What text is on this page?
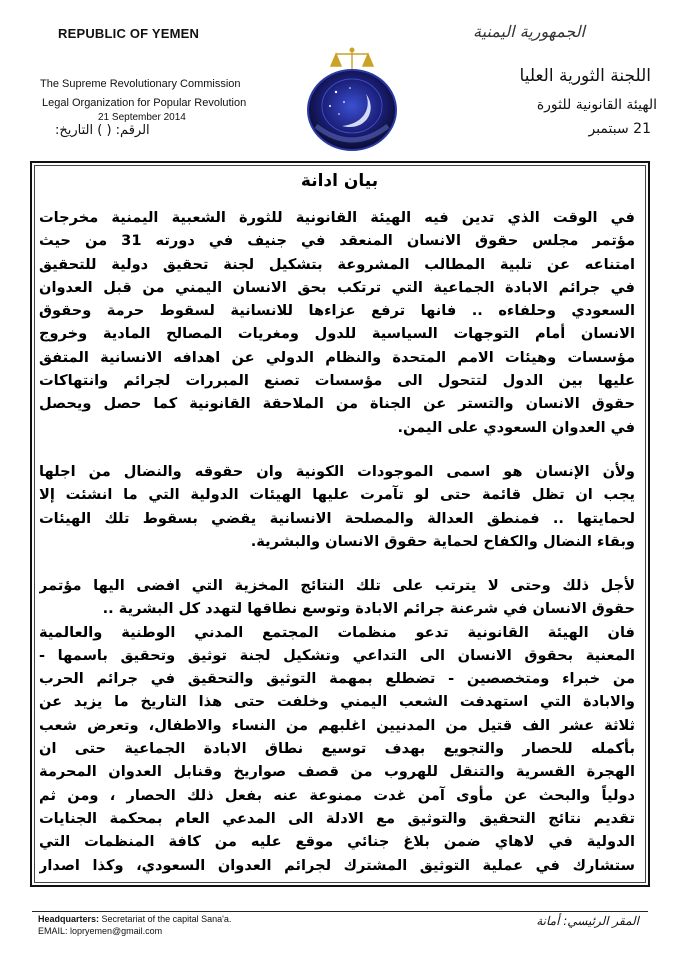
REPUBLIC OF YEMEN
The Supreme Revolutionary Commission
Legal Organization for Popular Revolution
21 September 2014
الجمهورية اليمنية
اللجنة الثورية العليا
الهيئة القانونية للثورة
21 سبتمبر
الرقم: ( ) التاريخ:
بيان ادانة
في الوقت الذي تدين فيه الهيئة القانونية للثورة الشعبية اليمنية مخرجات
مؤتمر مجلس حقوق الانسان المنعقد في جنيف في دورته 31 من حيث
امتناعه عن تلبية المطالب المشروعة بتشكيل لجنة تحقيق دولية للتحقيق
في جرائم الابادة الجماعية التي ترتكب بحق الانسان اليمني من قبل العدوان
السعودي وحلفاءه .. فانها ترفع عزاءها للانسانية لسقوط حرمة وحقوق
الانسان أمام التوجهات السياسية للدول ومغريات المصالح المادية وخروج
مؤسسات وهيئات الامم المتحدة والنظام الدولي عن اهدافه الانسانية المتفق
عليها بين الدول لتتحول الى مؤسسات تصنع المبررات لجرائم وانتهاكات
حقوق الانسان والتستر عن الجناة من الملاحقة القانونية كما حصل ويحصل
في العدوان السعودي على اليمن.
ولأن الإنسان هو اسمى الموجودات الكونية وان حقوقه والنضال من اجلها
يجب ان تظل قائمة حتى لو تآمرت عليها الهيئات الدولية التي ما انشئت إلا
لحمايتها .. فمنطق العدالة والمصلحة الانسانية يقضي بسقوط تلك الهيئات
وبقاء النضال والكفاح لحماية حقوق الانسان والبشرية.
لأجل ذلك وحتى لا يترتب على تلك النتائج المخزية التي افضى اليها مؤتمر
حقوق الانسان في شرعنة جرائم الابادة وتوسع نطاقها لتهدد كل البشرية ..
فان الهيئة القانونية تدعو منظمات المجتمع المدني الوطنية والعالمية
المعنية بحقوق الانسان الى التداعي وتشكيل لجنة توثيق وتحقيق باسمها -
من خبراء ومتخصصين - تضطلع بمهمة التوثيق والتحقيق في جرائم الحرب
والابادة التي استهدفت الشعب اليمني وخلفت حتى هذا التاريخ ما يزيد عن
ثلاثة عشر الف قتيل من المدنيين اغلبهم من النساء والاطفال، وتعرض شعب
بأكمله للحصار والتجويع بهدف توسيع نطاق الابادة الجماعية حتى ان
الهجرة القسرية والتنقل للهروب من قصف صواريخ وقنابل العدوان المحرمة
دولياً والبحث عن مأوى آمن غدت ممنوعة عنه بفعل ذلك الحصار ، ومن ثم
تقديم نتائج التحقيق والتوثيق مع الادلة الى المدعي العام بمحكمة الجنايات
الدولية في لاهاي ضمن بلاغ جنائي موقع عليه من كافة المنظمات التي
ستشارك في عملية التوثيق المشترك لجرائم العدوان السعودي، وكذا اصدار
Headquarters: Secretariat of the capital Sana'a.
EMAIL: lopryemen@gmail.com
المقر الرئيسي: أمانة
